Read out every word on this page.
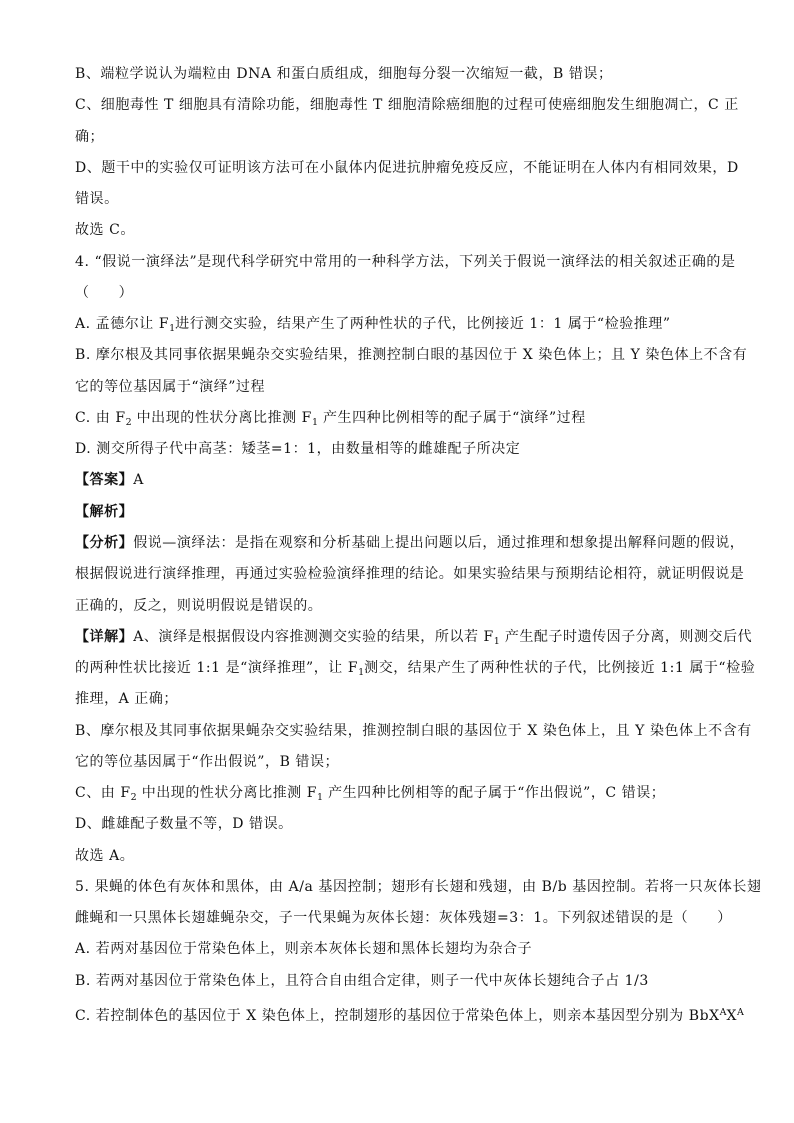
B、端粒学说认为端粒由 DNA 和蛋白质组成，细胞每分裂一次缩短一截，B 错误；
C、细胞毒性 T 细胞具有清除功能，细胞毒性 T 细胞清除癌细胞的过程可使癌细胞发生细胞凋亡，C 正
确；
D、题干中的实验仅可证明该方法可在小鼠体内促进抗肿瘤免疫反应，不能证明在人体内有相同效果，D
错误。
故选 C。
4. “假说一演绎法”是现代科学研究中常用的一种科学方法，下列关于假说一演绎法的相关叙述正确的是
（　　）
A. 孟德尔让 $F_1$进行测交实验，结果产生了两种性状的子代，比例接近 1：1 属于“检验推理”
B. 摩尔根及其同事依据果蝇杂交实验结果，推测控制白眼的基因位于 X 染色体上；且 Y 染色体上不含有
它的等位基因属于“演绎”过程
C. 由 $F_2$ 中出现的性状分离比推测 $F_1$ 产生四种比例相等的配子属于“演绎”过程
D. 测交所得子代中高茎：矮茎=1：1，由数量相等的雌雄配子所决定
【答案】A
【解析】
【分析】假说—演绎法：是指在观察和分析基础上提出问题以后，通过推理和想象提出解释问题的假说，
根据假说进行演绎推理，再通过实验检验演绎推理的结论。如果实验结果与预期结论相符，就证明假说是
正确的，反之，则说明假说是错误的。
【详解】A、演绎是根据假设内容推测测交实验的结果，所以若 $F_1$ 产生配子时遗传因子分离，则测交后代
的两种性状比接近 1:1 是“演绎推理”，让 $F_1$测交，结果产生了两种性状的子代，比例接近 1:1 属于“检验
推理，A 正确；
B、摩尔根及其同事依据果蝇杂交实验结果，推测控制白眼的基因位于 X 染色体上，且 Y 染色体上不含有
它的等位基因属于“作出假说”，B 错误；
C、由 $F_2$ 中出现的性状分离比推测 $F_1$ 产生四种比例相等的配子属于“作出假说”，C 错误；
D、雌雄配子数量不等，D 错误。
故选 A。
5. 果蝇的体色有灰体和黑体，由 A/a 基因控制；翅形有长翅和残翅，由 B/b 基因控制。若将一只灰体长翅
雌蝇和一只黑体长翅雄蝇杂交，子一代果蝇为灰体长翅：灰体残翅=3：1。下列叙述错误的是（　　）
A. 若两对基因位于常染色体上，则亲本灰体长翅和黑体长翅均为杂合子
B. 若两对基因位于常染色体上，且符合自由组合定律，则子一代中灰体长翅纯合子占 1/3
C. 若控制体色的基因位于 X 染色体上，控制翅形的基因位于常染色体上，则亲本基因型分别为 $BbX^AX^A$
